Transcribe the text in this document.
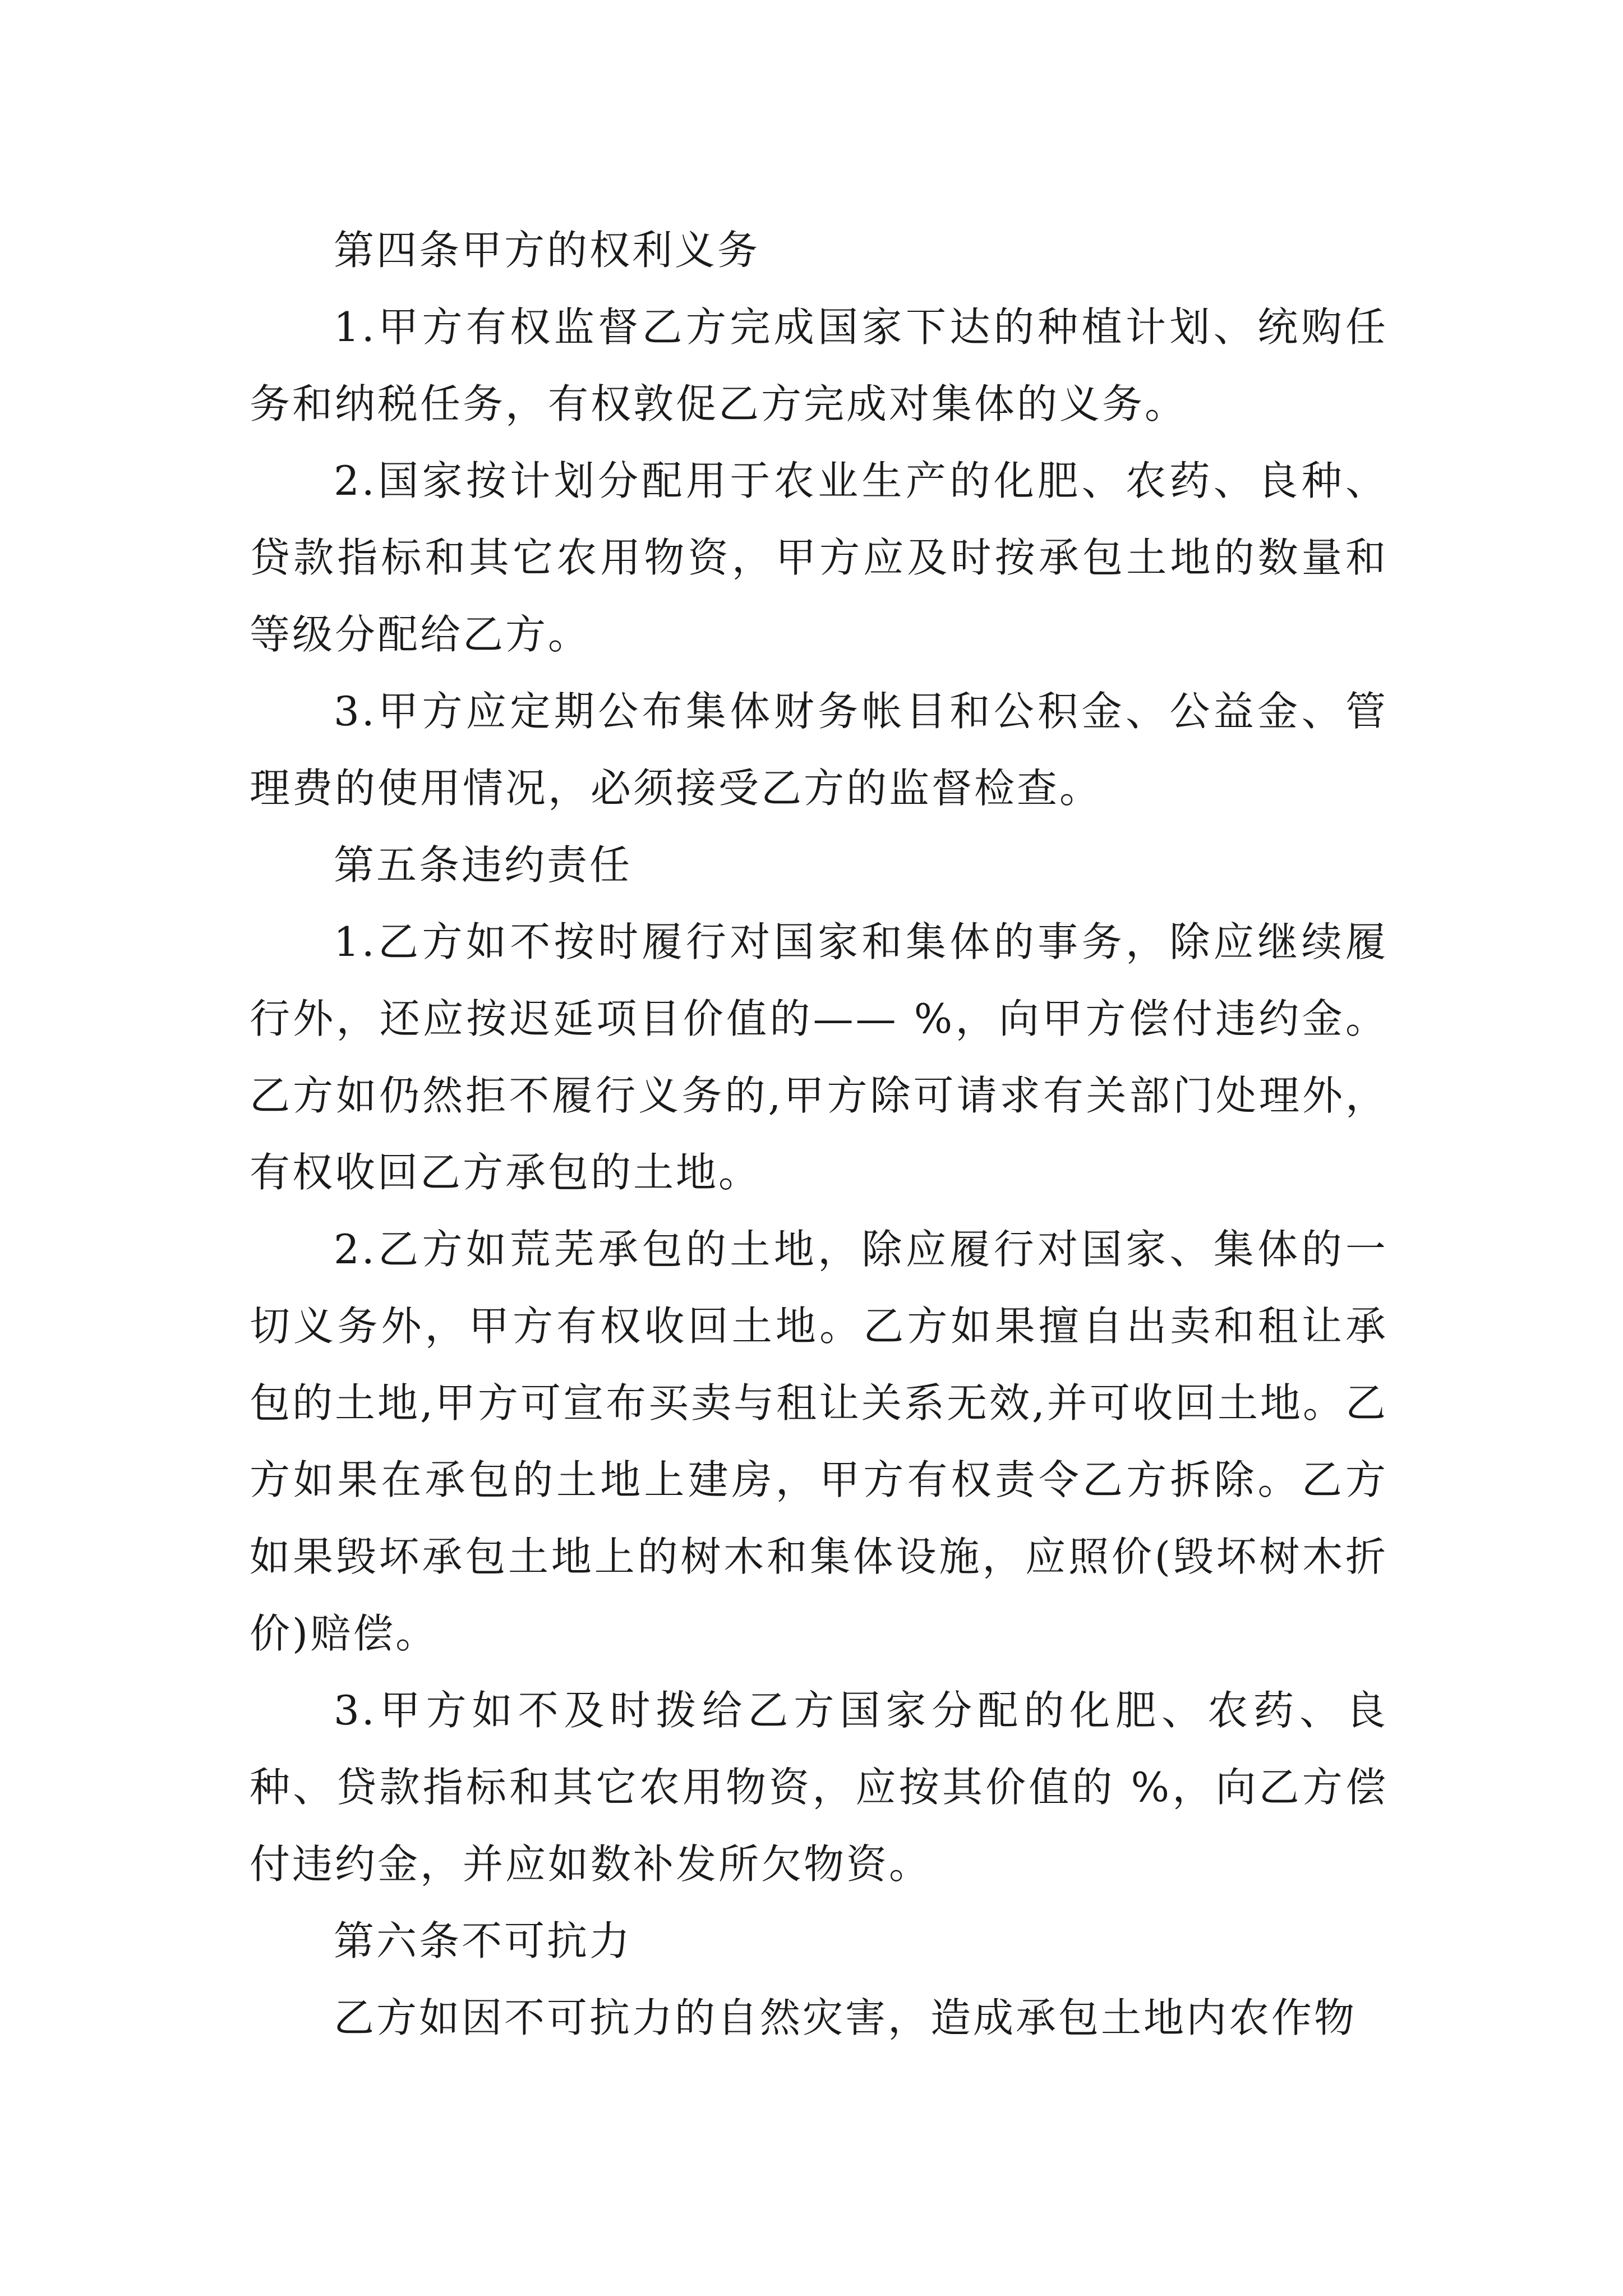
第四条甲方的权利义务

1.甲方有权监督乙方完成国家下达的种植计划、统购任务和纳税任务，有权敦促乙方完成对集体的义务。

2.国家按计划分配用于农业生产的化肥、农药、良种、贷款指标和其它农用物资，甲方应及时按承包土地的数量和等级分配给乙方。

3.甲方应定期公布集体财务帐目和公积金、公益金、管理费的使用情况，必须接受乙方的监督检查。

第五条违约责任

1.乙方如不按时履行对国家和集体的事务，除应继续履行外，还应按迟延项目价值的—— %，向甲方偿付违约金。乙方如仍然拒不履行义务的,甲方除可请求有关部门处理外，有权收回乙方承包的土地。

2.乙方如荒芜承包的土地，除应履行对国家、集体的一切义务外，甲方有权收回土地。乙方如果擅自出卖和租让承包的土地,甲方可宣布买卖与租让关系无效,并可收回土地。乙方如果在承包的土地上建房，甲方有权责令乙方拆除。乙方如果毁坏承包土地上的树木和集体设施，应照价(毁坏树木折价)赔偿。

3.甲方如不及时拨给乙方国家分配的化肥、农药、良种、贷款指标和其它农用物资，应按其价值的 %，向乙方偿付违约金，并应如数补发所欠物资。

第六条不可抗力

乙方如因不可抗力的自然灾害，造成承包土地内农作物
